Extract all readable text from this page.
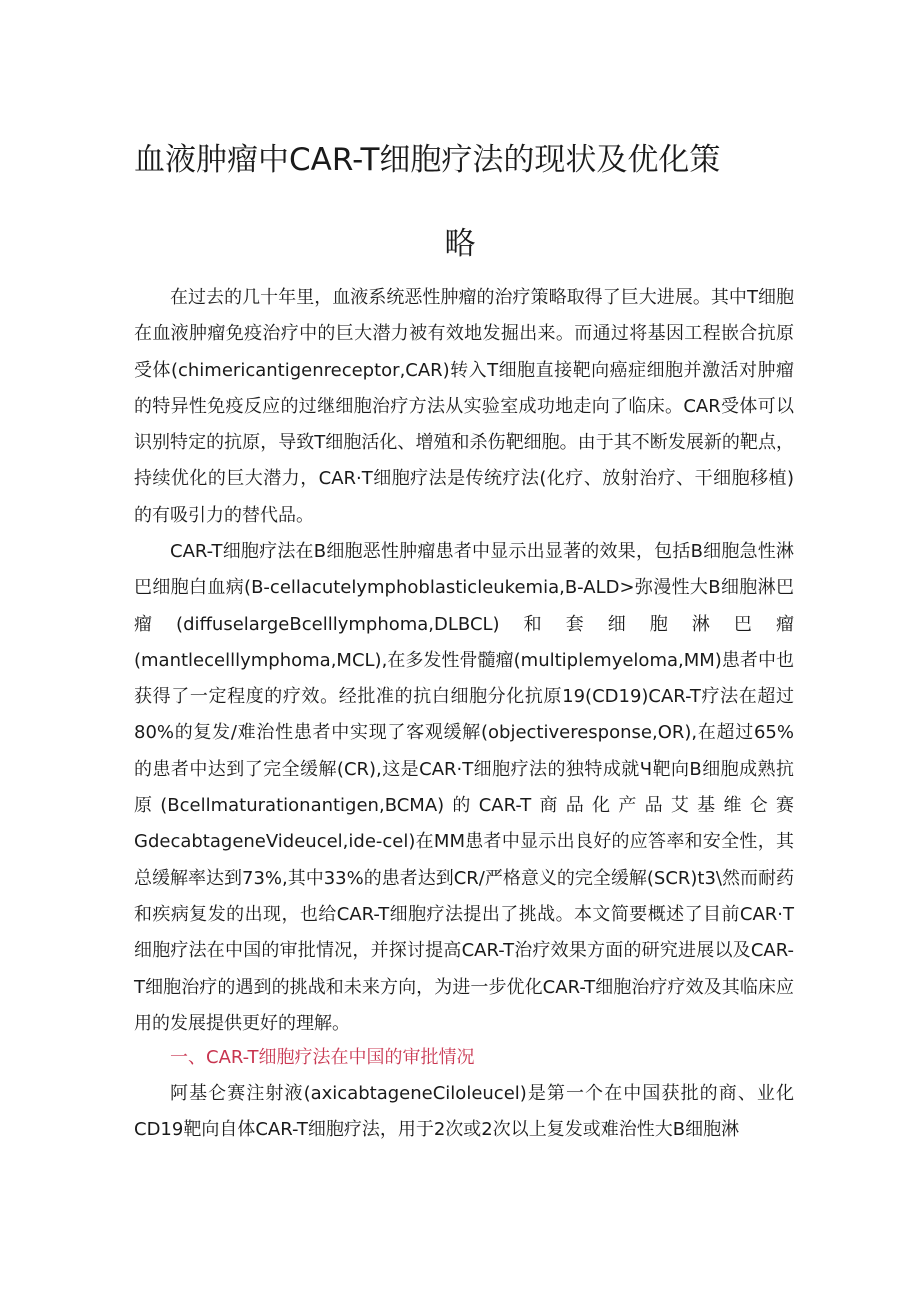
血液肿瘤中CAR-T细胞疗法的现状及优化策
略

在过去的几十年里，血液系统恶性肿瘤的治疗策略取得了巨大进展。其中T细胞在血液肿瘤免疫治疗中的巨大潜力被有效地发掘出来。而通过将基因工程嵌合抗原受体(chimericantigenreceptor,CAR)转入T细胞直接靶向癌症细胞并激活对肿瘤的特异性免疫反应的过继细胞治疗方法从实验室成功地走向了临床。CAR受体可以识别特定的抗原，导致T细胞活化、增殖和杀伤靶细胞。由于其不断发展新的靶点，持续优化的巨大潜力，CAR·T细胞疗法是传统疗法(化疗、放射治疗、干细胞移植)的有吸引力的替代品。

CAR-T细胞疗法在B细胞恶性肿瘤患者中显示出显著的效果，包括B细胞急性淋巴细胞白血病(B-cellacutelymphoblasticleukemia,B-ALD>弥漫性大B细胞淋巴瘤(diffuselargeBcelllymphoma,DLBCL)和套细胞淋巴瘤(mantlecelllymphoma,MCL),在多发性骨髓瘤(multiplemyeloma,MM)患者中也获得了一定程度的疗效。经批准的抗白细胞分化抗原19(CD19)CAR-T疗法在超过80%的复发/难治性患者中实现了客观缓解(objectiveresponse,OR),在超过65%的患者中达到了完全缓解(CR),这是CAR·T细胞疗法的独特成就Ч靶向B细胞成熟抗原(Bcellmaturationantigen,BCMA)的CAR-T商品化产品艾基维仑赛GdecabtageneVideucel,ide-cel)在MM患者中显示出良好的应答率和安全性，其总缓解率达到73%,其中33%的患者达到CR/严格意义的完全缓解(SCR)t3\然而耐药和疾病复发的出现，也给CAR-T细胞疗法提出了挑战。本文简要概述了目前CAR·T细胞疗法在中国的审批情况，并探讨提高CAR-T治疗效果方面的研究进展以及CAR-T细胞治疗的遇到的挑战和未来方向，为进一步优化CAR-T细胞治疗疗效及其临床应用的发展提供更好的理解。

一、CAR-T细胞疗法在中国的审批情况

阿基仑赛注射液(axicabtageneCiloleucel)是第一个在中国获批的商、业化CD19靶向自体CAR-T细胞疗法，用于2次或2次以上复发或难治性大B细胞淋
